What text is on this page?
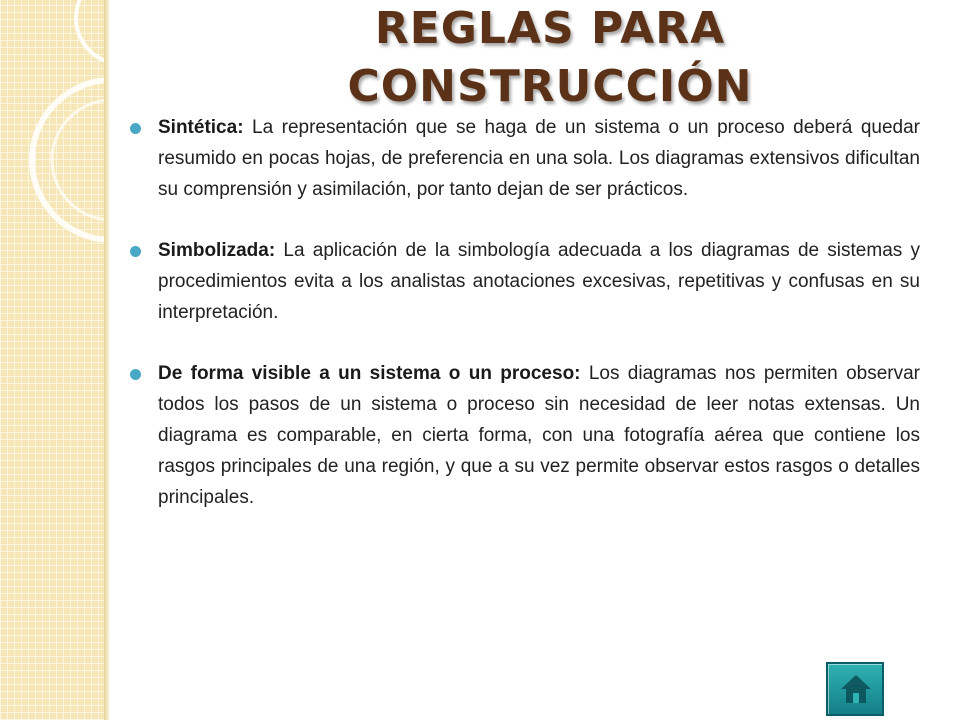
REGLAS PARA
CONSTRUCCIÓN
Sintética: La representación que se haga de un sistema o un proceso deberá quedar resumido en pocas hojas, de preferencia en una sola. Los diagramas extensivos dificultan su comprensión y asimilación, por tanto dejan de ser prácticos.
Simbolizada: La aplicación de la simbología adecuada a los diagramas de sistemas y procedimientos evita a los analistas anotaciones excesivas, repetitivas y confusas en su interpretación.
De forma visible a un sistema o un proceso: Los diagramas nos permiten observar todos los pasos de un sistema o proceso sin necesidad de leer notas extensas. Un diagrama es comparable, en cierta forma, con una fotografía aérea que contiene los rasgos principales de una región, y que a su vez permite observar estos rasgos o detalles principales.
